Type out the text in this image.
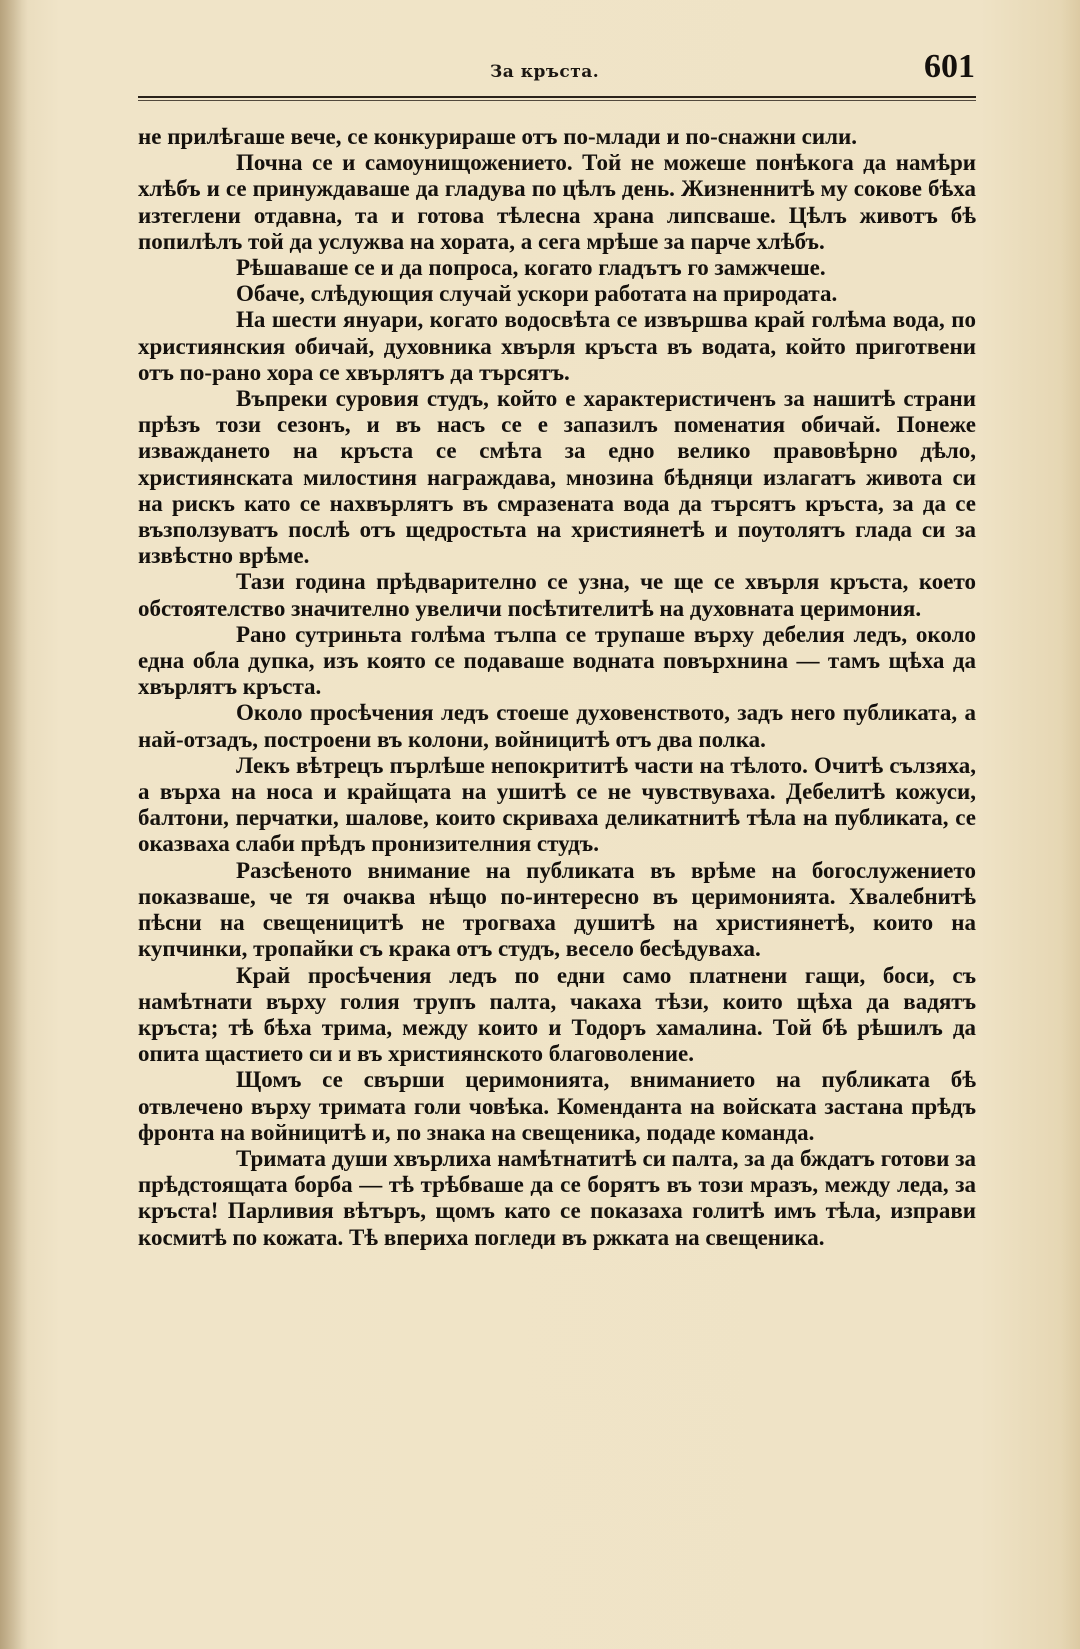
За кръста.	601

не прилѣгаше вече, се конкурираше отъ по-млади и по-снажни сили.

Почна се и самоунищожението. Той не можеше понѣкога да намѣри хлѣбъ и се принуждаваше да гладува по цѣлъ день. Жизненнитѣ му сокове бѣха изтеглени отдавна, та и готова тѣлесна храна липсваше. Цѣлъ животъ бѣ попилѣлъ той да услужва на хората, а сега мрѣше за парче хлѣбъ.

Рѣшаваше се и да попроса, когато гладътъ го замжчеше.

Обаче, слѣдующия случай ускори работата на природата.

На шести януари, когато водосвѣта се извършва край голѣма вода, по християнския обичай, духовника хвърля кръста въ водата, който приготвени отъ по-рано хора се хвърлятъ да търсятъ.

Въпреки суровия студъ, който е характеристиченъ за нашитѣ страни прѣзъ този сезонъ, и въ насъ се е запазилъ поменатия обичай. Понеже изваждането на кръста се смѣта за едно велико правовѣрно дѣло, християнската милостиня награждава, мнозина бѣдняци излагатъ живота си на рискъ като се нахвърлятъ въ смразената вода да търсятъ кръста, за да се възползуватъ послѣ отъ щедростьта на християнетѣ и поутолятъ глада си за извѣстно врѣме.

Тази година прѣдварително се узна, че ще се хвърля кръста, което обстоятелство значително увеличи посѣтителитѣ на духовната церимония.

Рано сутриньта голѣма тълпа се трупаше върху дебелия ледъ, около една обла дупка, изъ която се подаваше водната повърхнина — тамъ щѣха да хвърлятъ кръста.

Около просѣчения ледъ стоеше духовенството, задъ него публиката, а най-отзадъ, построени въ колони, войницитѣ отъ два полка.

Лекъ вѣтрецъ пърлѣше непокрититѣ части на тѣлото. Очитѣ сълзяха, а върха на носа и крайщата на ушитѣ се не чувствуваха. Дебелитѣ кожуси, балтони, перчатки, шалове, които скриваха деликатнитѣ тѣла на публиката, се оказваха слаби прѣдъ пронизителния студъ.

Разсѣеното внимание на публиката въ врѣме на богослужението показваше, че тя очаква нѣщо по-интересно въ церимонията. Хвалебнитѣ пѣсни на свещеницитѣ не трогваха душитѣ на християнетѣ, които на купчинки, тропайки съ крака отъ студъ, весело бесѣдуваха.

Край просѣчения ледъ по едни само платнени гащи, боси, съ намѣтнати върху голия трупъ палта, чакаха тѣзи, които щѣха да вадятъ кръста; тѣ бѣха трима, между които и Тодоръ хамалина. Той бѣ рѣшилъ да опита щастието си и въ християнското благоволение.

Щомъ се свърши церимонията, вниманието на публиката бѣ отвлечено върху тримата голи човѣка. Коменданта на войската застана прѣдъ фронта на войницитѣ и, по знака на свещеника, подаде команда.

Тримата души хвърлиха намѣтнатитѣ си палта, за да бждатъ готови за прѣдстоящата борба — тѣ трѣбваше да се борятъ въ този мразъ, между леда, за кръста! Парливия вѣтъръ, щомъ като се показаха голитѣ имъ тѣла, изправи коcмитѣ по кожата. Тѣ впериха погледи въ ржката на свещеника.
